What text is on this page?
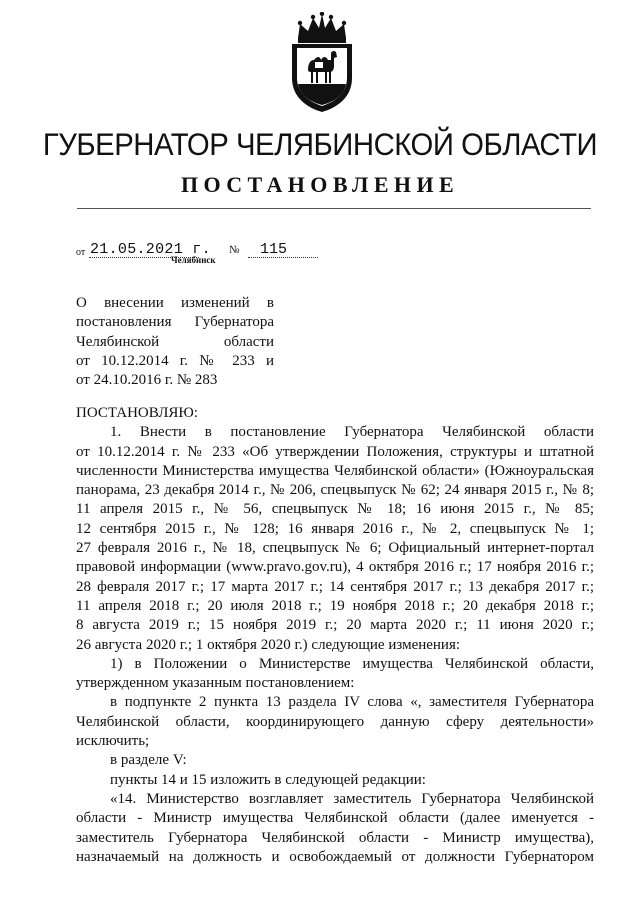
ГУБЕРНАТОР ЧЕЛЯБИНСКОЙ ОБЛАСТИ
ПОСТАНОВЛЕНИЕ
от 21.05.2021 г. № 115
Челябинск
О внесении изменений в
постановления Губернатора
Челябинской области
от 10.12.2014 г. № 233 и
от 24.10.2016 г. № 283
ПОСТАНОВЛЯЮ:
1. Внести в постановление Губернатора Челябинской области
от 10.12.2014 г. № 233 «Об утверждении Положения, структуры и штатной
численности Министерства имущества Челябинской области» (Южноуральская
панорама, 23 декабря 2014 г., № 206, спецвыпуск № 62; 24 января 2015 г., № 8;
11 апреля 2015 г., № 56, спецвыпуск № 18; 16 июня 2015 г., № 85;
12 сентября 2015 г., № 128; 16 января 2016 г., № 2, спецвыпуск № 1;
27 февраля 2016 г., № 18, спецвыпуск № 6; Официальный интернет-портал
правовой информации (www.pravo.gov.ru), 4 октября 2016 г.; 17 ноября 2016 г.;
28 февраля 2017 г.; 17 марта 2017 г.; 14 сентября 2017 г.; 13 декабря 2017 г.;
11 апреля 2018 г.; 20 июля 2018 г.; 19 ноября 2018 г.; 20 декабря 2018 г.;
8 августа 2019 г.; 15 ноября 2019 г.; 20 марта 2020 г.; 11 июня 2020 г.;
26 августа 2020 г.; 1 октября 2020 г.) следующие изменения:
1) в Положении о Министерстве имущества Челябинской области,
утвержденном указанным постановлением:
в подпункте 2 пункта 13 раздела IV слова «, заместителя Губернатора
Челябинской области, координирующего данную сферу деятельности»
исключить;
в разделе V:
пункты 14 и 15 изложить в следующей редакции:
«14. Министерство возглавляет заместитель Губернатора Челябинской
области - Министр имущества Челябинской области (далее именуется -
заместитель Губернатора Челябинской области - Министр имущества),
назначаемый на должность и освобождаемый от должности Губернатором
